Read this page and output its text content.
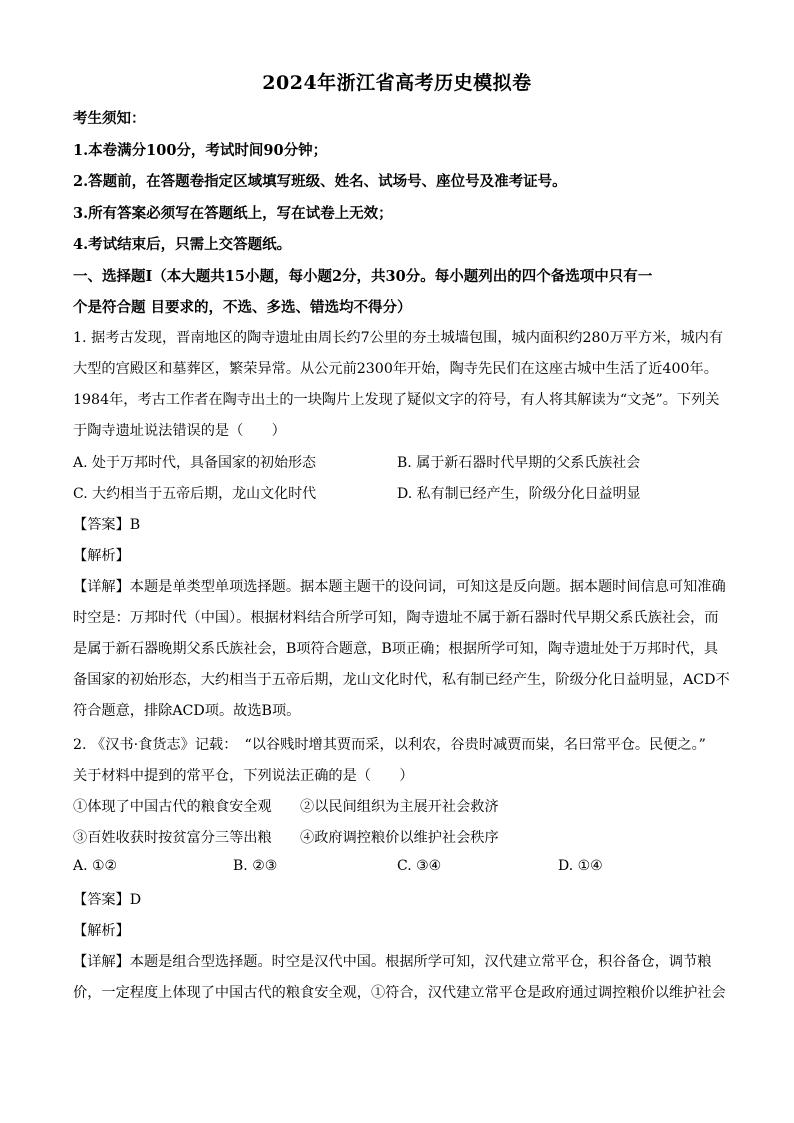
2024年浙江省高考历史模拟卷
考生须知：
1.本卷满分100分，考试时间90分钟；
2.答题前，在答题卷指定区域填写班级、姓名、试场号、座位号及准考证号。
3.所有答案必须写在答题纸上，写在试卷上无效；
4.考试结束后，只需上交答题纸。
一、选择题Ⅰ（本大题共15小题，每小题2分，共30分。每小题列出的四个备选项中只有一
个是符合题 目要求的，不选、多选、错选均不得分）
1. 据考古发现，晋南地区的陶寺遗址由周长约7公里的夯土城墙包围，城内面积约280万平方米，城内有
大型的宫殿区和墓葬区，繁荣异常。从公元前2300年开始，陶寺先民们在这座古城中生活了近400年。
1984年，考古工作者在陶寺出土的一块陶片上发现了疑似文字的符号，有人将其解读为“文尧”。下列关
于陶寺遗址说法错误的是（　　）
A. 处于万邦时代，具备国家的初始形态	B. 属于新石器时代早期的父系氏族社会
C. 大约相当于五帝后期，龙山文化时代	D. 私有制已经产生，阶级分化日益明显
【答案】B
【解析】
【详解】本题是单类型单项选择题。据本题主题干的设问词，可知这是反向题。据本题时间信息可知准确
时空是：万邦时代（中国）。根据材料结合所学可知，陶寺遗址不属于新石器时代早期父系氏族社会，而
是属于新石器晚期父系氏族社会，B项符合题意，B项正确；根据所学可知，陶寺遗址处于万邦时代，具
备国家的初始形态，大约相当于五帝后期，龙山文化时代，私有制已经产生，阶级分化日益明显，ACD不
符合题意，排除ACD项。故选B项。
2. 《汉书·食货志》记载：　“以谷贱时增其贾而采，以利农，谷贵时减贾而粜，名曰常平仓。民便之。”
关于材料中提到的常平仓，下列说法正确的是（　　）
①体现了中国古代的粮食安全观　　②以民间组织为主展开社会救济
③百姓收获时按贫富分三等出粮　　④政府调控粮价以维护社会秩序
A. ①②	B. ②③	C. ③④	D. ①④
【答案】D
【解析】
【详解】本题是组合型选择题。时空是汉代中国。根据所学可知，汉代建立常平仓，积谷备仓，调节粮
价，一定程度上体现了中国古代的粮食安全观，①符合，汉代建立常平仓是政府通过调控粮价以维护社会
